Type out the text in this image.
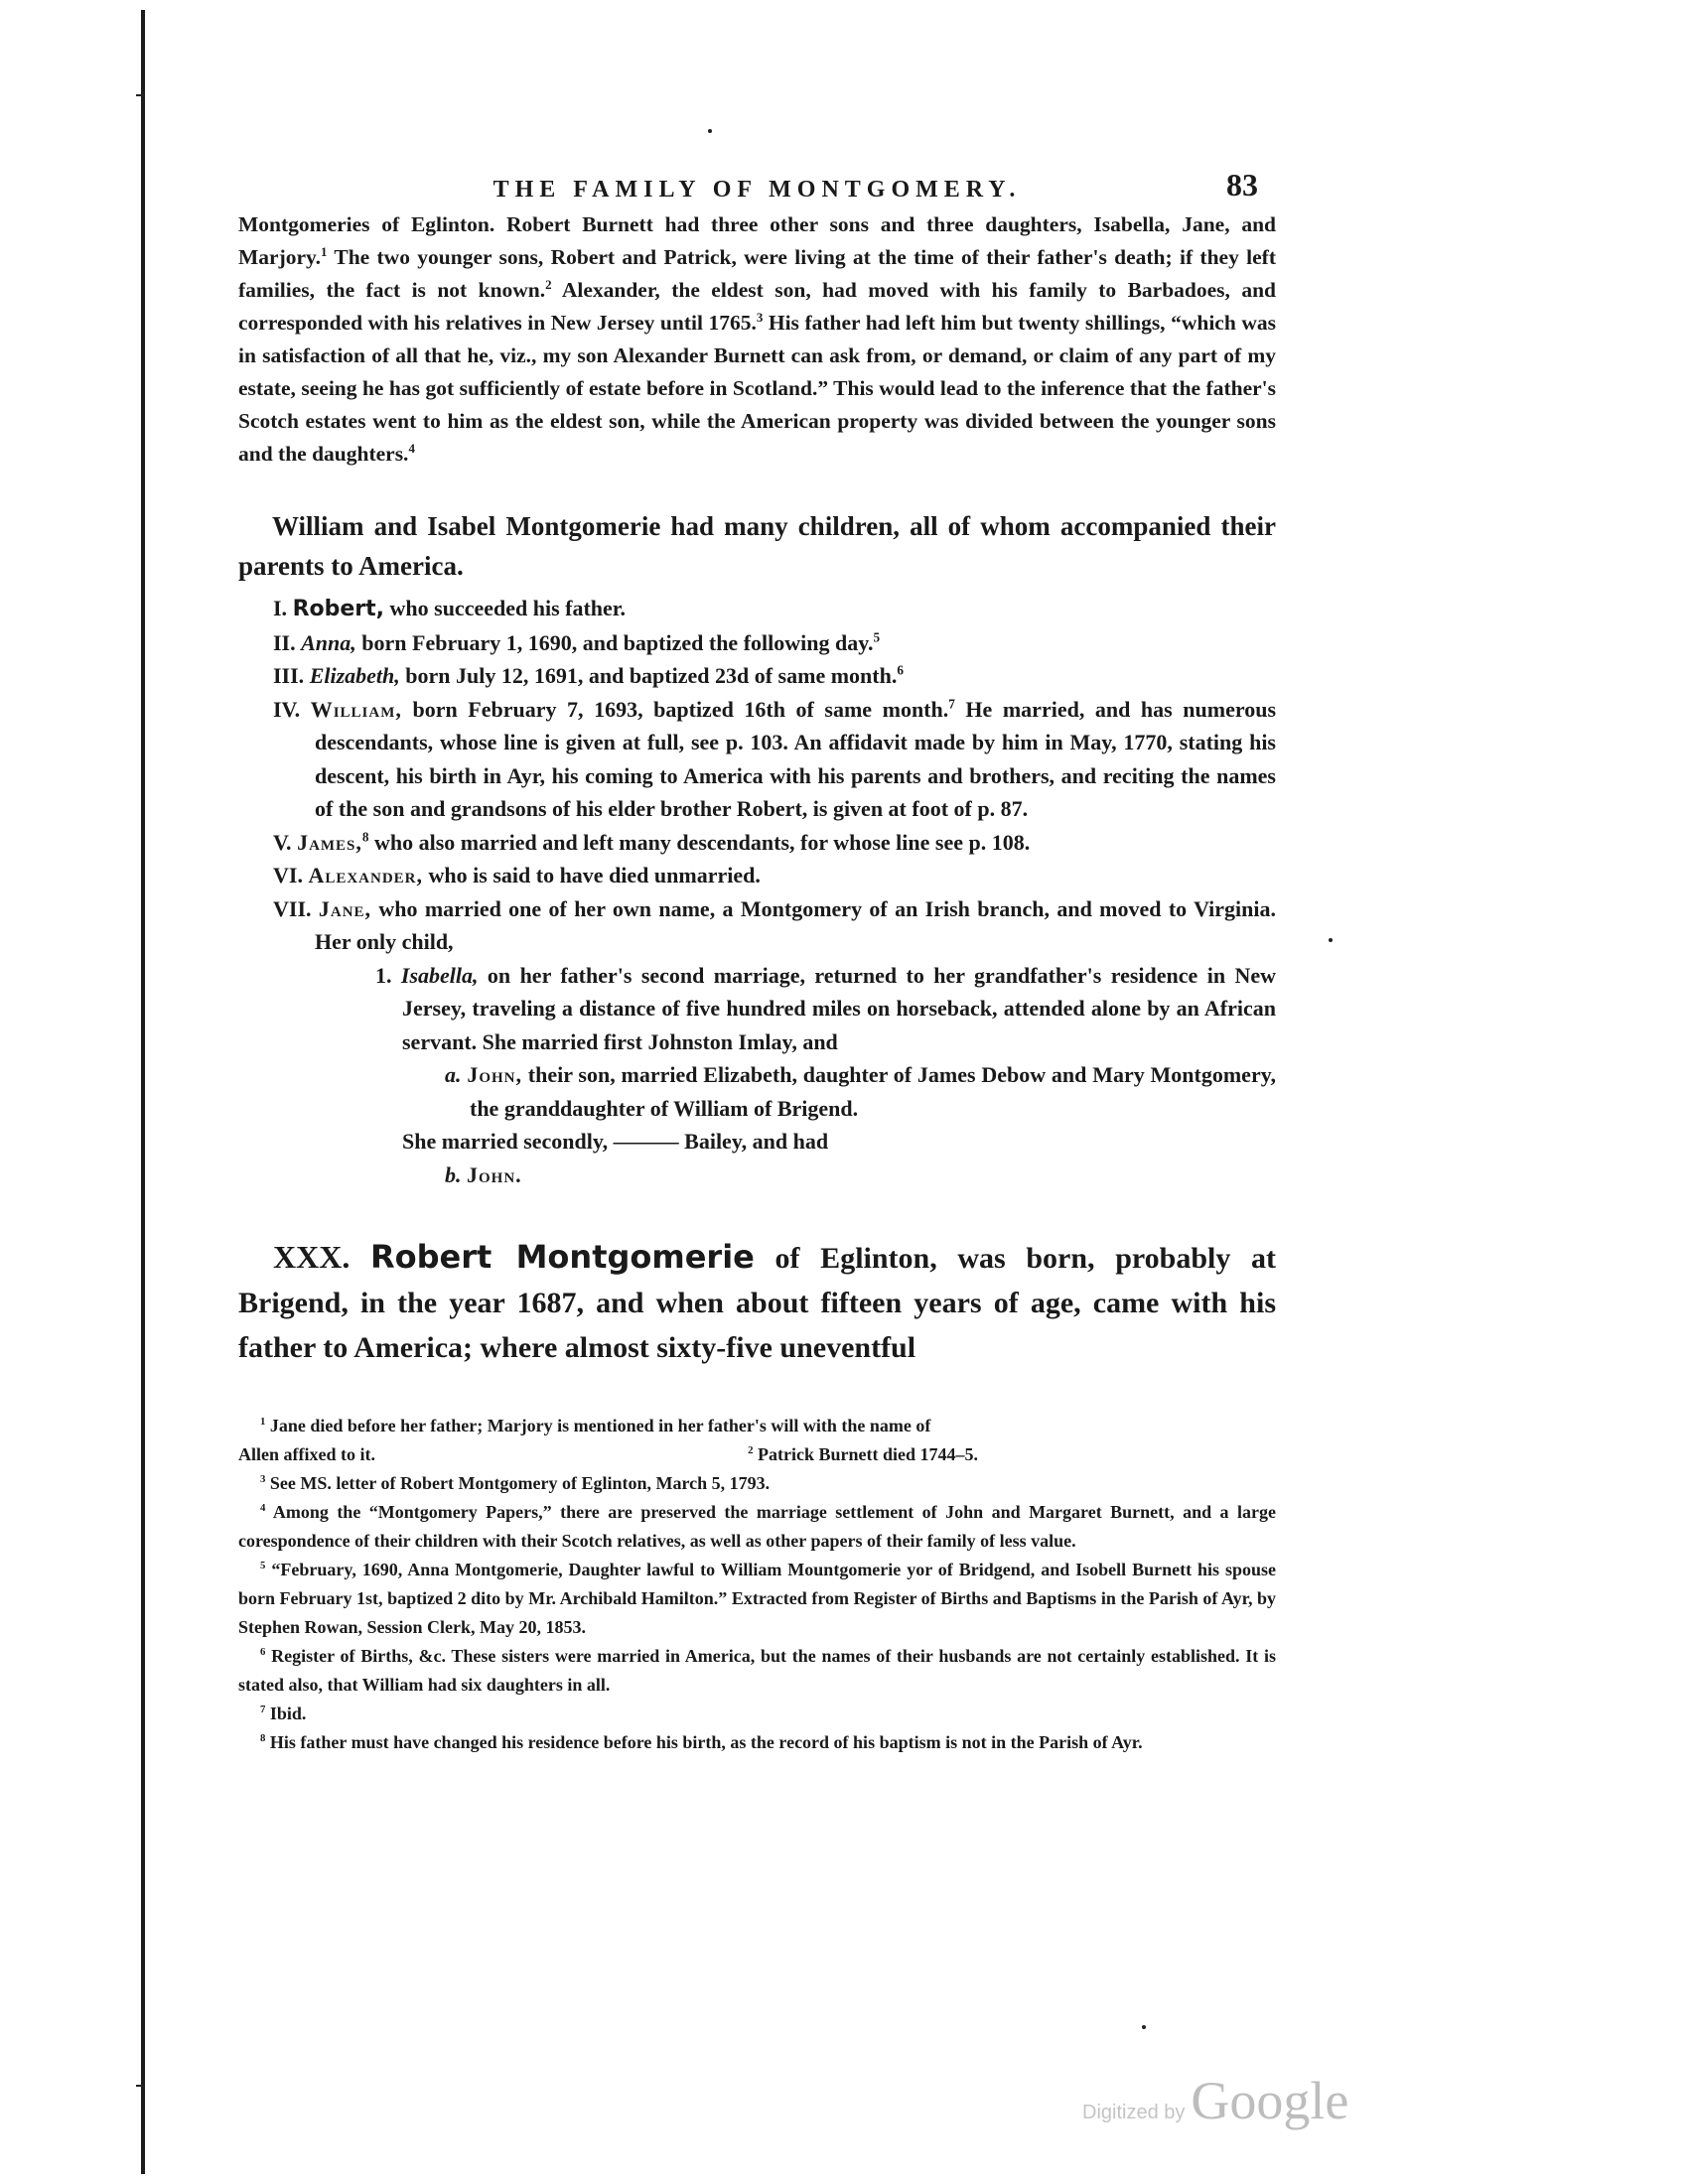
THE FAMILY OF MONTGOMERY.	83

Montgomeries of Eglinton. Robert Burnett had three other sons and three daughters, Isabella, Jane, and Marjory.$^1$ The two younger sons, Robert and Patrick, were living at the time of their father's death; if they left families, the fact is not known.$^2$ Alexander, the eldest son, had moved with his family to Barbadoes, and corresponded with his relatives in New Jersey until 1765.$^3$ His father had left him but twenty shillings, “which was in satisfaction of all that he, viz., my son Alexander Burnett can ask from, or demand, or claim of any part of my estate, seeing he has got sufficiently of estate before in Scotland.” This would lead to the inference that the father's Scotch estates went to him as the eldest son, while the American property was divided between the younger sons and the daughters.$^4$

William and Isabel Montgomerie had many children, all of whom accompanied their parents to America.

I. Robert, who succeeded his father.
II. Anna, born February 1, 1690, and baptized the following day.$^5$
III. Elizabeth, born July 12, 1691, and baptized 23d of same month.$^6$
IV. William, born February 7, 1693, baptized 16th of same month.$^7$ He married, and has numerous descendants, whose line is given at full, see p. 103. An affidavit made by him in May, 1770, stating his descent, his birth in Ayr, his coming to America with his parents and brothers, and reciting the names of the son and grandsons of his elder brother Robert, is given at foot of p. 87.
V. James,$^8$ who also married and left many descendants, for whose line see p. 108.
VI. Alexander, who is said to have died unmarried.
VII. Jane, who married one of her own name, a Montgomery of an Irish branch, and moved to Virginia. Her only child,
1. Isabella, on her father's second marriage, returned to her grandfather's residence in New Jersey, traveling a distance of five hundred miles on horseback, attended alone by an African servant. She married first Johnston Imlay, and
a. John, their son, married Elizabeth, daughter of James Debow and Mary Montgomery, the granddaughter of William of Brigend.
She married secondly, ——— Bailey, and had
b. John.

XXX. Robert Montgomerie of Eglinton, was born, probably at Brigend, in the year 1687, and when about fifteen years of age, came with his father to America; where almost sixty-five uneventful

$^1$ Jane died before her father; Marjory is mentioned in her father's will with the name of

Allen affixed to it.	$^2$ Patrick Burnett died 1744–5.

$^3$ See MS. letter of Robert Montgomery of Eglinton, March 5, 1793.

$^4$ Among the “Montgomery Papers,” there are preserved the marriage settlement of John and Margaret Burnett, and a large corespondence of their children with their Scotch relatives, as well as other papers of their family of less value.

$^5$ “February, 1690, Anna Montgomerie, Daughter lawful to William Mountgomerie yor of Bridgend, and Isobell Burnett his spouse born February 1st, baptized 2 dito by Mr. Archibald Hamilton.” Extracted from Register of Births and Baptisms in the Parish of Ayr, by Stephen Rowan, Session Clerk, May 20, 1853.

$^6$ Register of Births, &c. These sisters were married in America, but the names of their husbands are not certainly established. It is stated also, that William had six daughters in all.

$^7$ Ibid.

$^8$ His father must have changed his residence before his birth, as the record of his baptism is not in the Parish of Ayr.

Digitized by Google
